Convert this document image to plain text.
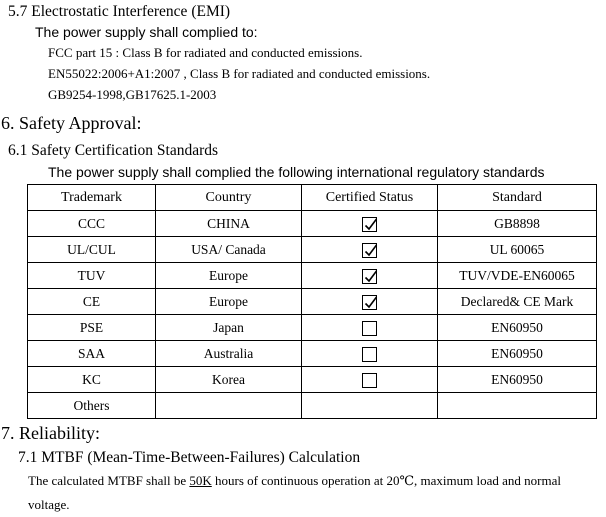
5.7 Electrostatic Interference (EMI)
The power supply shall complied to:
FCC part 15 : Class B for radiated and conducted emissions.
EN55022:2006+A1:2007 , Class B for radiated and conducted emissions.
GB9254-1998,GB17625.1-2003
6. Safety Approval:
6.1 Safety Certification Standards
The power supply shall complied the following international regulatory standards
Trademark	Country	Certified Status	Standard
CCC	CHINA		GB8898
UL/CUL	USA/ Canada		UL 60065
TUV	Europe		TUV/VDE-EN60065
CE	Europe		Declared& CE Mark
PSE	Japan		EN60950
SAA	Australia		EN60950
KC	Korea		EN60950
Others			
7. Reliability:
7.1 MTBF (Mean-Time-Between-Failures) Calculation
The calculated MTBF shall be 50K hours of continuous operation at 20℃, maximum load and normal
voltage.
